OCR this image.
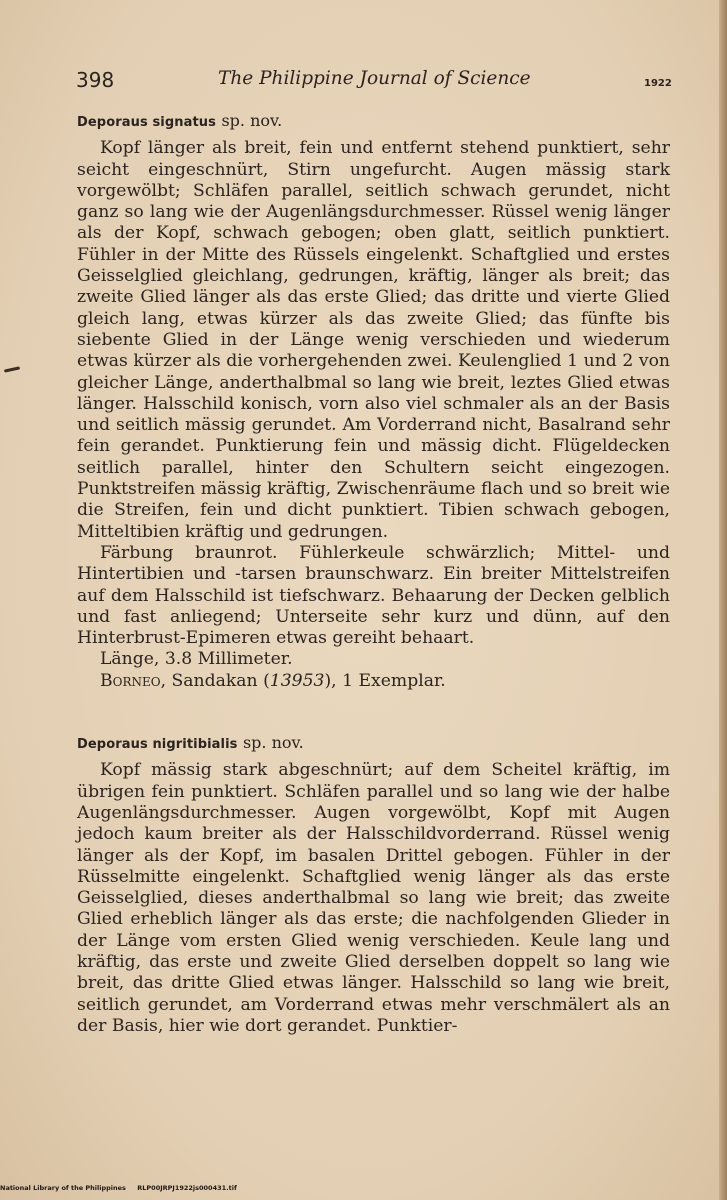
398	The Philippine Journal of Science	1922

Deporaus signatus sp. nov.

Kopf länger als breit, fein und entfernt stehend punktiert, sehr seicht eingeschnürt, Stirn ungefurcht. Augen mässig stark vorgewölbt; Schläfen parallel, seitlich schwach gerundet, nicht ganz so lang wie der Augenlängsdurchmesser. Rüssel wenig länger als der Kopf, schwach gebogen; oben glatt, seitlich punktiert. Fühler in der Mitte des Rüssels eingelenkt. Schaftglied und erstes Geisselglied gleichlang, gedrungen, kräftig, länger als breit; das zweite Glied länger als das erste Glied; das dritte und vierte Glied gleich lang, etwas kürzer als das zweite Glied; das fünfte bis siebente Glied in der Länge wenig verschieden und wiederum etwas kürzer als die vorhergehenden zwei. Keulenglied 1 und 2 von gleicher Länge, anderthalbmal so lang wie breit, leztes Glied etwas länger. Halsschild konisch, vorn also viel schmaler als an der Basis und seitlich mässig gerundet. Am Vorderrand nicht, Basalrand sehr fein gerandet. Punktierung fein und mässig dicht. Flügeldecken seitlich parallel, hinter den Schultern seicht eingezogen. Punktstreifen mässig kräftig, Zwischenräume flach und so breit wie die Streifen, fein und dicht punktiert. Tibien schwach gebogen, Mitteltibien kräftig und gedrungen.

Färbung braunrot. Fühlerkeule schwärzlich; Mittel- und Hintertibien und -tarsen braunschwarz. Ein breiter Mittelstreifen auf dem Halsschild ist tiefschwarz. Behaarung der Decken gelblich und fast anliegend; Unterseite sehr kurz und dünn, auf den Hinterbrust-Epimeren etwas gereiht behaart.

Länge, 3.8 Millimeter.

Borneo, Sandakan (13953), 1 Exemplar.

Deporaus nigritibialis sp. nov.

Kopf mässig stark abgeschnürt; auf dem Scheitel kräftig, im übrigen fein punktiert. Schläfen parallel und so lang wie der halbe Augenlängsdurchmesser. Augen vorgewölbt, Kopf mit Augen jedoch kaum breiter als der Halsschildvorderrand. Rüssel wenig länger als der Kopf, im basalen Drittel gebogen. Fühler in der Rüsselmitte eingelenkt. Schaftglied wenig länger als das erste Geisselglied, dieses anderthalbmal so lang wie breit; das zweite Glied erheblich länger als das erste; die nachfolgenden Glieder in der Länge vom ersten Glied wenig verschieden. Keule lang und kräftig, das erste und zweite Glied derselben doppelt so lang wie breit, das dritte Glied etwas länger. Halsschild so lang wie breit, seitlich gerundet, am Vorderrand etwas mehr verschmälert als an der Basis, hier wie dort gerandet. Punktier-

National Library of the Philippines RLP00JRPJ1922js000431.tif
